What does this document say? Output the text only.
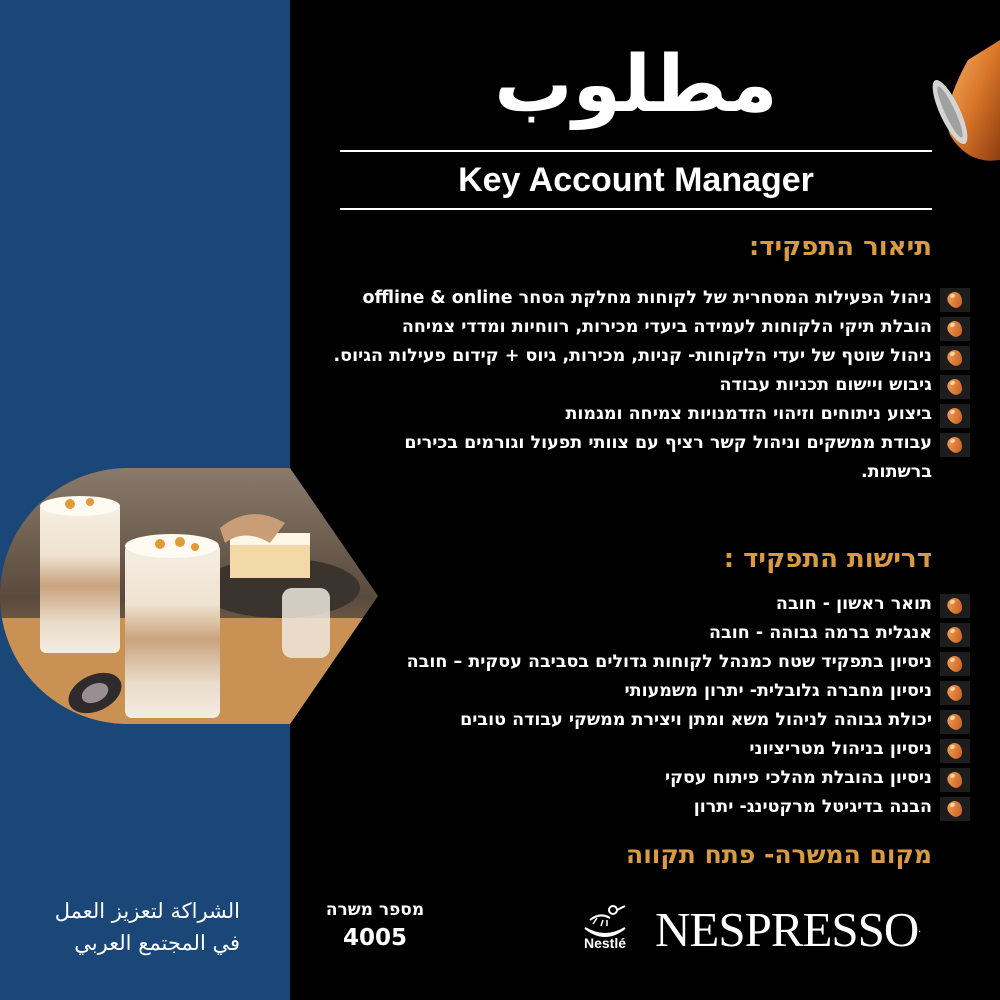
مطلوب
Key Account Manager
תיאור התפקיד:
ניהול הפעילות המסחרית של לקוחות מחלקת הסחר offline & online
הובלת תיקי הלקוחות לעמידה ביעדי מכירות, רווחיות ומדדי צמיחה
ניהול שוטף של יעדי הלקוחות- קניות, מכירות, גיוס + קידום פעילות הגיוס.
גיבוש ויישום תכניות עבודה
ביצוע ניתוחים וזיהוי הזדמנויות צמיחה ומגמות
עבודת ממשקים וניהול קשר רציף עם צוותי תפעול וגורמים בכירים ברשתות.
דרישות התפקיד :
תואר ראשון - חובה
אנגלית ברמה גבוהה - חובה
ניסיון בתפקיד שטח כמנהל לקוחות גדולים בסביבה עסקית – חובה
ניסיון מחברה גלובלית- יתרון משמעותי
יכולת גבוהה לניהול משא ומתן ויצירת ממשקי עבודה טובים
ניסיון בניהול מטריציוני
ניסיון בהובלת מהלכי פיתוח עסקי
הבנה בדיגיטל מרקטינג- יתרון
מקום המשרה- פתח תקווה
מספר משרה
4005
الشراكة لتعزيز العمل
في المجتمع العربي	Nestlé NESPRESSO.
